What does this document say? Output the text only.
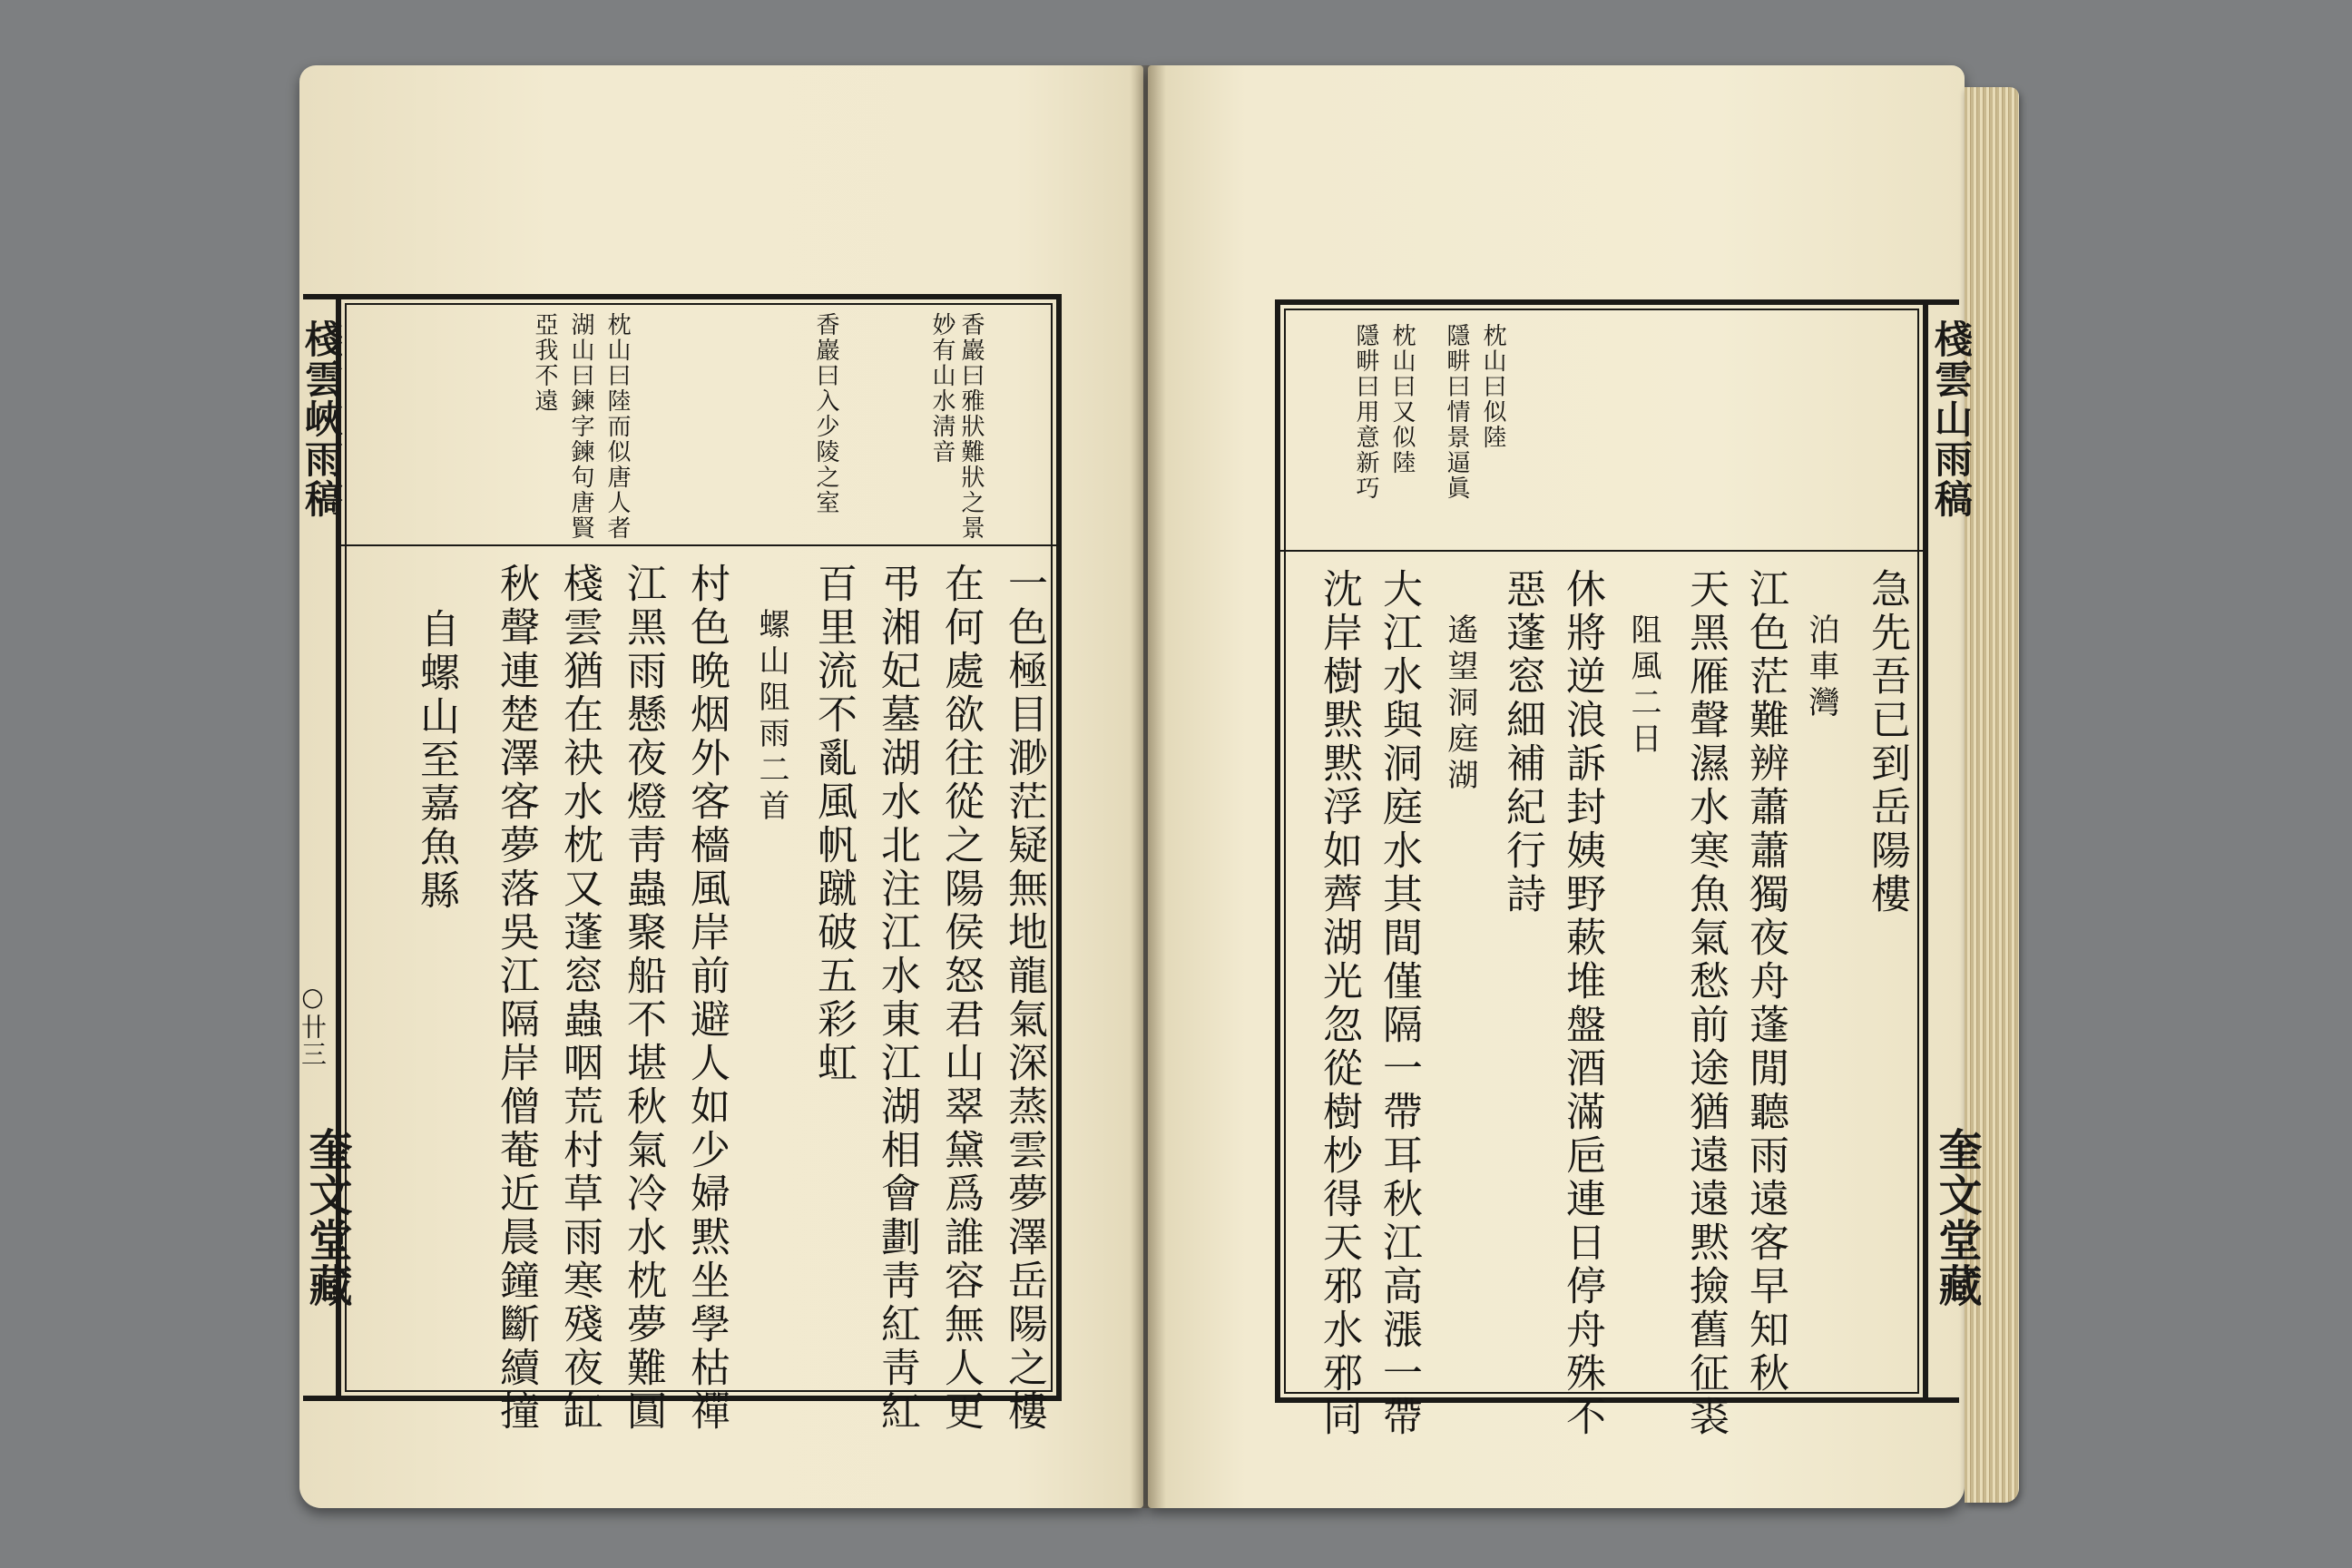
香巖曰雅狀難狀之景
妙有山水淸音
香巖曰入少陵之室
枕山曰陸而似唐人者
湖山曰鍊字鍊句唐賢
亞我不遠
一色極目渺茫疑無地龍氣深蒸雲夢澤岳陽之樓
在何處欲往從之陽侯怒君山翠黛爲誰容無人更
弔湘妃墓湖水北注江水東江湖相會劃靑紅靑紅
百里流不亂風帆蹴破五彩虹
螺山阻雨二首
村色晩烟外客檣風岸前避人如少婦黙坐學枯禪
江黑雨懸夜燈靑蟲聚船不堪秋氣冷水枕夢難圓
棧雲猶在袂水枕又蓬窓蟲咽荒村草雨寒殘夜缸
秋聲連楚澤客夢落吳江隔岸僧菴近晨鐘斷續撞
自螺山至嘉魚縣
棧雲峽雨稿
○卄三
奎文堂藏
枕山曰似陸
隱畊曰情景逼眞
枕山曰又似陸
隱畊曰用意新巧
急先吾已到岳陽樓
泊車灣
江色茫難辨蕭蕭獨夜舟蓬閒聽雨遠客早知秋
天黑雁聲濕水寒魚氣愁前途猶遠遠黙撿舊征裘
阻風二日
休將逆浪訴封姨野蔌堆盤酒滿巵連日停舟殊不
惡蓬窓細補紀行詩
遙望洞庭湖
大江水與洞庭水其間僅隔一帶耳秋江高漲一帶
沈岸樹黙黙浮如薺湖光忽從樹杪得天邪水邪同
棧雲山雨稿
奎文堂藏
